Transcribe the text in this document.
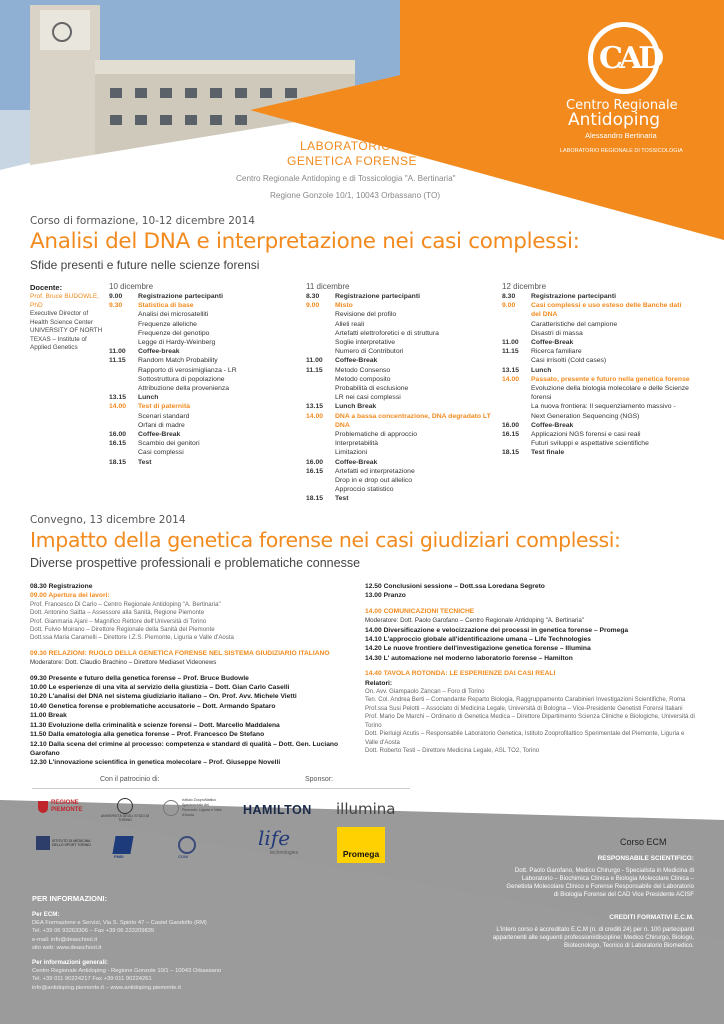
CAD
Centro Regionale
Antidoping
Alessandro Bertinaria
LABORATORIO REGIONALE DI TOSSICOLOGIA
LABORATORIO
GENETICA FORENSE
Centro Regionale Antidoping e di Tossicologia "A. Bertinaria"
Regione Gonzole 10/1, 10043 Orbassano (TO)
Corso di formazione, 10-12 dicembre 2014
Analisi del DNA e interpretazione nei casi complessi:
Sfide presenti e future nelle scienze forensi
Docente:
Prof. Bruce BUDOWLE, PhD
Executive Director of Health Science Center UNIVERSITY OF NORTH TEXAS – Institute of Applied Genetics
10 dicembre
9.00	Registrazione partecipanti
9.30	Statistica di base
Analisi dei microsatelliti
Frequenze alleliche
Frequenze del genotipo
Legge di Hardy-Weinberg
11.00	Coffee-break
11.15	Random Match Probability
Rapporto di verosimiglianza - LR
Sottostruttura di popolazione
Attribuzione della provenienza
13.15	Lunch
14.00	Test di paternità
Scenari standard
Orfani di madre
16.00	Coffee-Break
16.15	Scambio dei genitori
Casi complessi
18.15	Test
11 dicembre
8.30	Registrazione partecipanti
9.00	Misto
Revisione del profilo
Alleli reali
Artefatti elettroforetici e di struttura
Soglie interpretative
Numero di Contributori
11.00	Coffee-Break
11.15	Metodo Consenso
Metodo composito
Probabilità di esclusione
LR nei casi complessi
13.15	Lunch Break
14.00	DNA a bassa concentrazione, DNA degradato LT DNA
Problematiche di approccio
Interpretabilità
Limitazioni
16.00	Coffee-Break
16.15	Artefatti ed interpretazione
Drop in e drop out allelico
Approccio statistico
18.15	Test
12 dicembre
8.30	Registrazione partecipanti
9.00	Casi complessi e uso esteso delle Banche dati del DNA
Caratteristiche del campione
Disastri di massa
11.00	Coffee-Break
11.15	Ricerca familiare
Casi irrisolti (Cold cases)
13.15	Lunch
14.00	Passato, presente e futuro nella genetica forense
Evoluzione della biologia molecolare e delle Scienze forensi
La nuova frontiera: Il sequenziamento massivo - Next Generation Sequencing (NGS)
16.00	Coffee-Break
16.15	Applicazioni NGS forensi e casi reali
Futuri sviluppi e aspettative scientifiche
18.15	Test finale
Convegno, 13 dicembre 2014
Impatto della genetica forense nei casi giudiziari complessi:
Diverse prospettive professionali e problematiche connesse
08.30 Registrazione
09.00 Apertura dei lavori:
Prof. Francesco Di Carlo – Centro Regionale Antidoping "A. Bertinaria"
Dott. Antonino Saitta – Assessore alla Sanità, Regione Piemonte
Prof. Gianmaria Ajani – Magnifico Rettore dell'Università di Torino
Dott. Fulvio Moirano – Direttore Regionale della Sanità del Piemonte
Dott.ssa Maria Caramelli – Direttore I.Z.S. Piemonte, Liguria e Valle d'Aosta
09.30 RELAZIONI: RUOLO DELLA GENETICA FORENSE NEL SISTEMA GIUDIZIARIO ITALIANO
Moderatore: Dott. Claudio Brachino – Direttore Mediaset Videonews
09.30 Presente e futuro della genetica forense – Prof. Bruce Budowle
10.00 Le esperienze di una vita al servizio della giustizia – Dott. Gian Carlo Caselli
10.20 L'analisi del DNA nel sistema giudiziario italiano – On. Prof. Avv. Michele Vietti
10.40 Genetica forense e problematiche accusatorie – Dott. Armando Spataro
11.00 Break
11.30 Evoluzione della criminalità e scienze forensi – Dott. Marcello Maddalena
11.50 Dalla ematologia alla genetica forense – Prof. Francesco De Stefano
12.10 Dalla scena del crimine al processo: competenza e standard di qualità – Dott. Gen. Luciano Garofano
12.30 L'innovazione scientifica in genetica molecolare – Prof. Giuseppe Novelli
12.50 Conclusioni sessione – Dott.ssa Loredana Segreto
13.00 Pranzo
14.00 COMUNICAZIONI TECNICHE
Moderatore: Dott. Paolo Garofano – Centro Regionale Antidoping "A. Bertinaria"
14.00 Diversificazione e velocizzazione dei processi in genetica forense – Promega
14.10 L'approccio globale all'identificazione umana – Life Technologies
14.20 Le nuove frontiere dell'investigazione genetica forense – Illumina
14.30 L' automazione nel moderno laboratorio forense – Hamilton
14.40 TAVOLA ROTONDA: LE ESPERIENZE DAI CASI REALI
Relatori:
On. Avv. Giampaolo Zancan – Foro di Torino
Ten. Col. Andrea Berti – Comandante Reparto Biologia, Raggruppamento Carabinieri Investigazioni Scientifiche, Roma
Prof.ssa Susi Pelotti – Associato di Medicina Legale, Università di Bologna – Vice-Presidente Genetisti Forensi Italiani
Prof. Mario De Marchi – Ordinario di Genetica Medica – Direttore Dipartimento Scienza Cliniche e Biologiche, Università di Torino
Dott. Pierluigi Acutis – Responsabile Laboratorio Genetica, Istituto Zooprofilattico Sperimentale del Piemonte, Liguria e Valle d'Aosta
Dott. Roberto Testi – Direttore Medicina Legale, ASL TO2, Torino
Con il patrocinio di:	Sponsor:
REGIONE PIEMONTE
UNIVERSITÀ DEGLI STUDI DI TORINO
Istituto Zooprofilattico Sperimentale del Piemonte, Liguria e Valle d'Aosta
ISTITUTO DI MEDICINA DELLO SPORT TORINO
FMSI	CONI
HAMILTON illumina
life
technologies	Promega
Corso ECM
RESPONSABILE SCIENTIFICO:
Dott. Paolo Garofano, Medico Chirurgo - Specialista in Medicina di Laboratorio – Biochimica Clinica e Biologia Molecolare Clinica – Genetista Molecolare Clinico e Forense Responsabile del Laboratorio di Biologia Forense del CAD Vice Presidente ACISF
CREDITI FORMATIVI E.C.M.
L'intero corso è accreditato E.C.M (n. di crediti 24) per n. 100 partecipanti appartenenti alle seguenti professioni/discipline: Medico Chirurgo, Biologo, Biotecnologo, Tecnico di Laboratorio Biomedico.
PER INFORMAZIONI:
Per ECM:
DEA Formazione e Servizi, Via S. Spirito 47 – Castel Gandolfo (RM)
Tel. +39 06 93263306 – Fax +39 06 233209835
e-mail: info@deaschool.it
sito web: www.deaschool.it
Per informazioni generali:
Centro Regionale Antidoping - Regione Gonzole 10/1 – 10043 Orbassano
Tel. +39 011 90224217 Fax +39 011 90224261
info@antidoping.piemonte.it – www.antidoping.piemonte.it
